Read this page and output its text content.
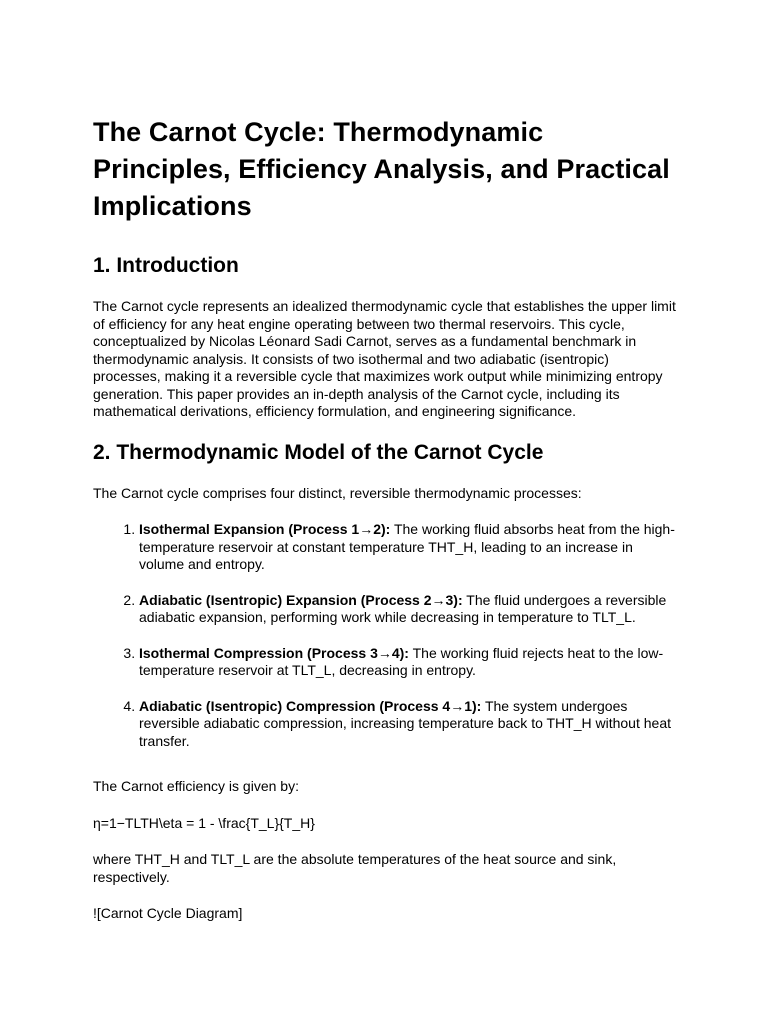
The Carnot Cycle: Thermodynamic Principles, Efficiency Analysis, and Practical Implications
1. Introduction

The Carnot cycle represents an idealized thermodynamic cycle that establishes the upper limit of efficiency for any heat engine operating between two thermal reservoirs. This cycle, conceptualized by Nicolas Léonard Sadi Carnot, serves as a fundamental benchmark in thermodynamic analysis. It consists of two isothermal and two adiabatic (isentropic) processes, making it a reversible cycle that maximizes work output while minimizing entropy generation. This paper provides an in-depth analysis of the Carnot cycle, including its mathematical derivations, efficiency formulation, and engineering significance.

2. Thermodynamic Model of the Carnot Cycle

The Carnot cycle comprises four distinct, reversible thermodynamic processes:

1. Isothermal Expansion (Process 1→2): The working fluid absorbs heat from the high-temperature reservoir at constant temperature THT_H, leading to an increase in volume and entropy.
2. Adiabatic (Isentropic) Expansion (Process 2→3): The fluid undergoes a reversible adiabatic expansion, performing work while decreasing in temperature to TLT_L.
3. Isothermal Compression (Process 3→4): The working fluid rejects heat to the low-temperature reservoir at TLT_L, decreasing in entropy.
4. Adiabatic (Isentropic) Compression (Process 4→1): The system undergoes reversible adiabatic compression, increasing temperature back to THT_H without heat transfer.

The Carnot efficiency is given by:

η=1−TLTH\eta = 1 - \frac{T_L}{T_H}

where THT_H and TLT_L are the absolute temperatures of the heat source and sink, respectively.

![Carnot Cycle Diagram]
